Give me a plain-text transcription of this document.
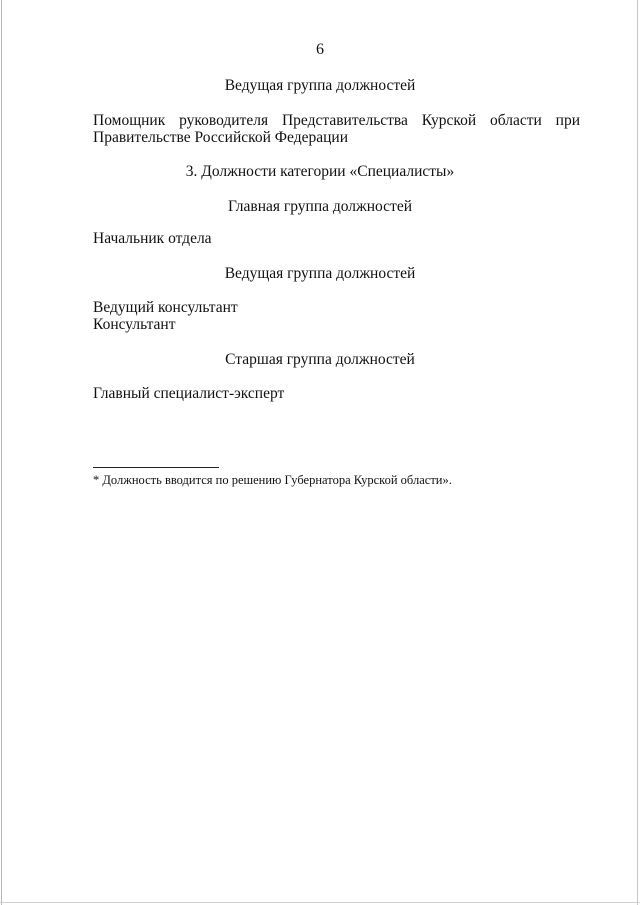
6
Ведущая группа должностей
Помощник руководителя Представительства Курской области при
Правительстве Российской Федерации
3. Должности категории «Специалисты»
Главная группа должностей
Начальник отдела
Ведущая группа должностей
Ведущий консультант
Консультант
Старшая группа должностей
Главный специалист-эксперт
* Должность вводится по решению Губернатора Курской области».
